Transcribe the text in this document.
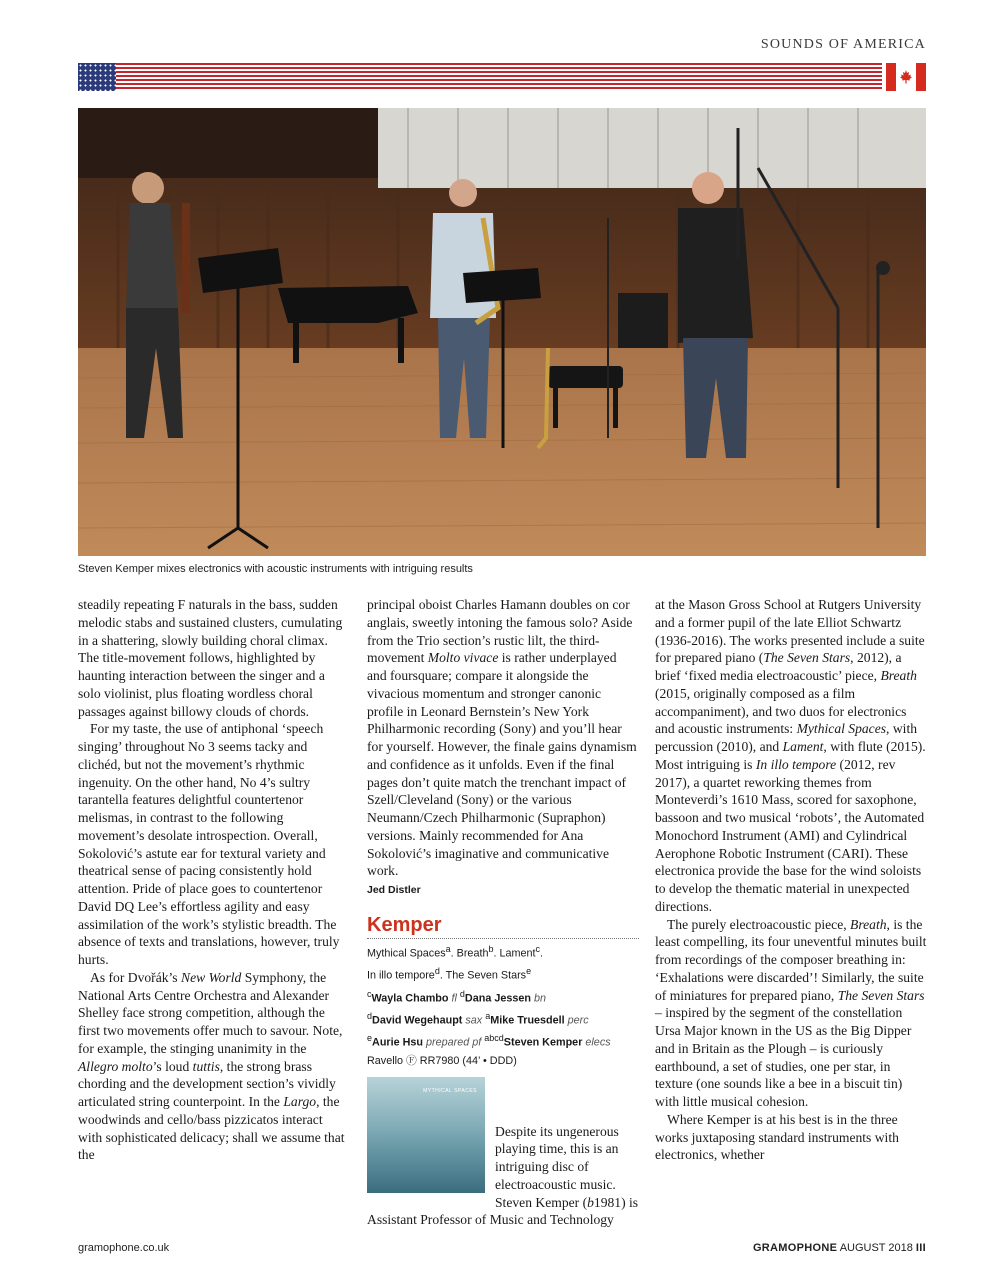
SOUNDS OF AMERICA
Steven Kemper mixes electronics with acoustic instruments with intriguing results

steadily repeating F naturals in the bass, sudden melodic stabs and sustained clusters, cumulating in a shattering, slowly building choral climax. The title-movement follows, highlighted by haunting interaction between the singer and a solo violinist, plus floating wordless choral passages against billowy clouds of chords.

For my taste, the use of antiphonal ‘speech singing’ throughout No 3 seems tacky and clichéd, but not the movement’s rhythmic ingenuity. On the other hand, No 4’s sultry tarantella features delightful countertenor melismas, in contrast to the following movement’s desolate introspection. Overall, Sokolović’s astute ear for textural variety and theatrical sense of pacing consistently hold attention. Pride of place goes to countertenor David DQ Lee’s effortless agility and easy assimilation of the work’s stylistic breadth. The absence of texts and translations, however, truly hurts.

As for Dvořák’s New World Symphony, the National Arts Centre Orchestra and Alexander Shelley face strong competition, although the first two movements offer much to savour. Note, for example, the stinging unanimity in the Allegro molto’s loud tuttis, the strong brass chording and the development section’s vividly articulated string counterpoint. In the Largo, the woodwinds and cello/bass pizzicatos interact with sophisticated delicacy; shall we assume that the

principal oboist Charles Hamann doubles on cor anglais, sweetly intoning the famous solo? Aside from the Trio section’s rustic lilt, the third-movement Molto vivace is rather underplayed and foursquare; compare it alongside the vivacious momentum and stronger canonic profile in Leonard Bernstein’s New York Philharmonic recording (Sony) and you’ll hear for yourself. However, the finale gains dynamism and confidence as it unfolds. Even if the final pages don’t quite match the trenchant impact of Szell/Cleveland (Sony) or the various Neumann/Czech Philharmonic (Supraphon) versions. Mainly recommended for Ana Sokolović’s imaginative and communicative work.

Jed Distler
Kemper
Mythical Spaces$^a$. Breath$^b$. Lament$^c$.
In illo tempore$^d$. The Seven Stars$^e$
$^c$Wayla Chambo fl $^d$Dana Jessen bn
$^d$David Wegehaupt sax $^a$Mike Truesdell perc
$^e$Aurie Hsu prepared pf $^{abcd}$Steven Kemper elecs
Ravello Ⓕ RR7980 (44’ • DDD)
MYTHICAL SPACES

Despite its ungenerous playing time, this is an intriguing disc of electroacoustic music. Steven Kemper (b1981) is Assistant Professor of Music and Technology

at the Mason Gross School at Rutgers University and a former pupil of the late Elliot Schwartz (1936-2016). The works presented include a suite for prepared piano (The Seven Stars, 2012), a brief ‘fixed media electroacoustic’ piece, Breath (2015, originally composed as a film accompaniment), and two duos for electronics and acoustic instruments: Mythical Spaces, with percussion (2010), and Lament, with flute (2015). Most intriguing is In illo tempore (2012, rev 2017), a quartet reworking themes from Monteverdi’s 1610 Mass, scored for saxophone, bassoon and two musical ‘robots’, the Automated Monochord Instrument (AMI) and Cylindrical Aerophone Robotic Instrument (CARI). These electronica provide the base for the wind soloists to develop the thematic material in unexpected directions.

The purely electroacoustic piece, Breath, is the least compelling, its four uneventful minutes built from recordings of the composer breathing in: ‘Exhalations were discarded’! Similarly, the suite of miniatures for prepared piano, The Seven Stars – inspired by the segment of the constellation Ursa Major known in the US as the Big Dipper and in Britain as the Plough – is curiously earthbound, a set of studies, one per star, in texture (one sounds like a bee in a biscuit tin) with little musical cohesion.

Where Kemper is at his best is in the three works juxtaposing standard instruments with electronics, whether

gramophone.co.uk	GRAMOPHONE AUGUST 2018 III
